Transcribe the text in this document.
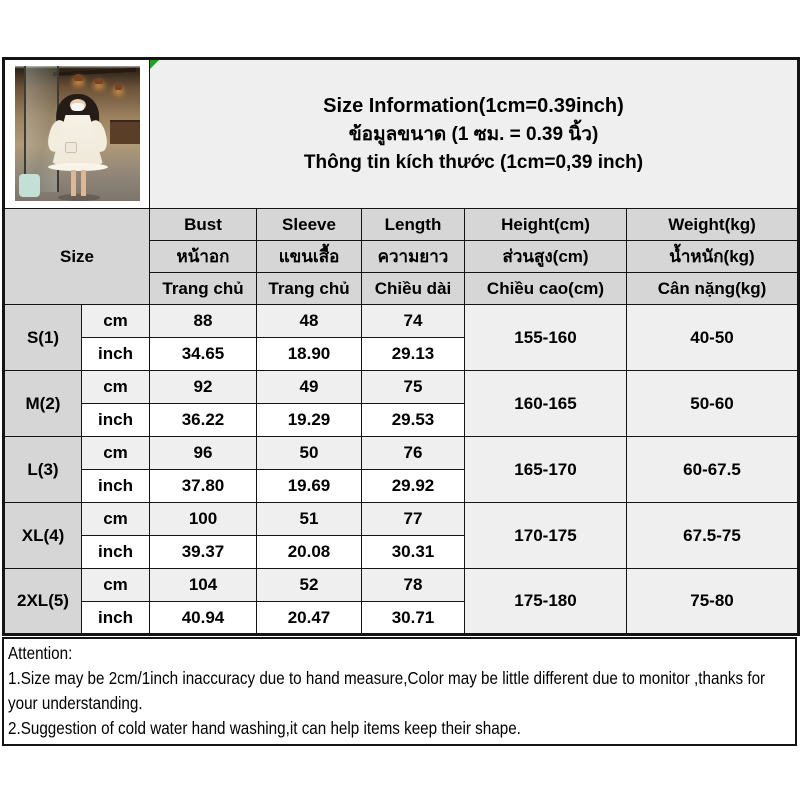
		Size Information(1cm=0.39inch)
ข้อมูลขนาด (1 ซม. = 0.39 นิ้ว)
Thông tin kích thước (1cm=0,39 inch)				

Size		Bust	Sleeve	Length	Height(cm)	Weight(kg)
		หน้าอก	แขนเสื้อ	ความยาว	ส่วนสูง(cm)	น้ำหนัก(kg)
		Trang chủ	Trang chủ	Chiều dài	Chiều cao(cm)	Cân nặng(kg)
S(1)	cm	88	48	74	155-160	40-50
	inch	34.65	18.90	29.13		
M(2)	cm	92	49	75	160-165	50-60
	inch	36.22	19.29	29.53		
L(3)	cm	96	50	76	165-170	60-67.5
	inch	37.80	19.69	29.92		
XL(4)	cm	100	51	77	170-175	67.5-75
	inch	39.37	20.08	30.31		
2XL(5)	cm	104	52	78	175-180	75-80
	inch	40.94	20.47	30.71		
Attention:
1.Size may be 2cm/1inch inaccuracy due to hand measure,Color may be little different due to monitor ,thanks for your understanding.
2.Suggestion of cold water hand washing,it can help items keep their shape.
